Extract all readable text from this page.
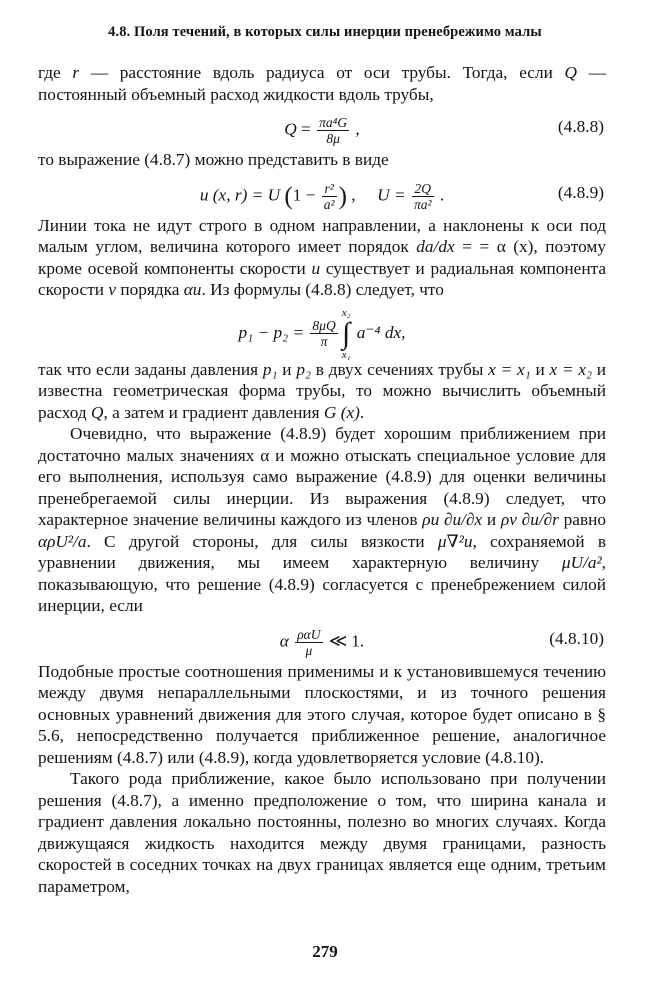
4.8. Поля течений, в которых силы инерции пренебрежимо малы

где r — расстояние вдоль радиуса от оси трубы. Тогда, если Q — постоянный объемный расход жидкости вдоль трубы,

$Q = \frac{\text{πa⁴G}}{8\mu}$ ,	(4.8.8)

то выражение (4.8.7) можно представить в виде

u (x, r) = U ($1 - \frac{\text{r²}}{\text{a²}}$ ) ,     $U = \frac{2Q}{\text{πa²}}$ .	(4.8.9)

Линии тока не идут строго в одном направлении, а наклонены к оси под малым углом, величина которого имеет порядок da/dx = = α (x), поэтому кроме осевой компоненты скорости u существует и радиальная компонента скорости v порядка αu. Из формулы (4.8.8) следует, что

$p_1 - p_2 = \frac{8\mu Q}{\pi}$
x₂
∫
x₁ a⁻⁴ dx,

так что если заданы давления p₁ и p₂ в двух сечениях трубы x = x₁ и x = x₂ и известна геометрическая форма трубы, то можно вычислить объемный расход Q, а затем и градиент давления G (x).

Очевидно, что выражение (4.8.9) будет хорошим приближением при достаточно малых значениях α и можно отыскать специальное условие для его выполнения, используя само выражение (4.8.9) для оценки величины пренебрегаемой силы инерции. Из выражения (4.8.9) следует, что характерное значение величины каждого из членов ρu ∂u/∂x и ρv ∂u/∂r равно αρU²/a. С другой стороны, для силы вязкости μ∇²u, сохраняемой в уравнении движения, мы имеем характерную величину μU/a², показывающую, что решение (4.8.9) согласуется с пренебрежением силой инерции, если

α $\frac{\text{ραU}}{\mu}$ ≪ 1.	(4.8.10)

Подобные простые соотношения применимы и к установившемуся течению между двумя непараллельными плоскостями, и из точного решения основных уравнений движения для этого случая, которое будет описано в § 5.6, непосредственно получается приближенное решение, аналогичное решениям (4.8.7) или (4.8.9), когда удовлетворяется условие (4.8.10).

Такого рода приближение, какое было использовано при получении решения (4.8.7), а именно предположение о том, что ширина канала и градиент давления локально постоянны, полезно во многих случаях. Когда движущаяся жидкость находится между двумя границами, разность скоростей в соседних точках на двух границах является еще одним, третьим параметром,

279
